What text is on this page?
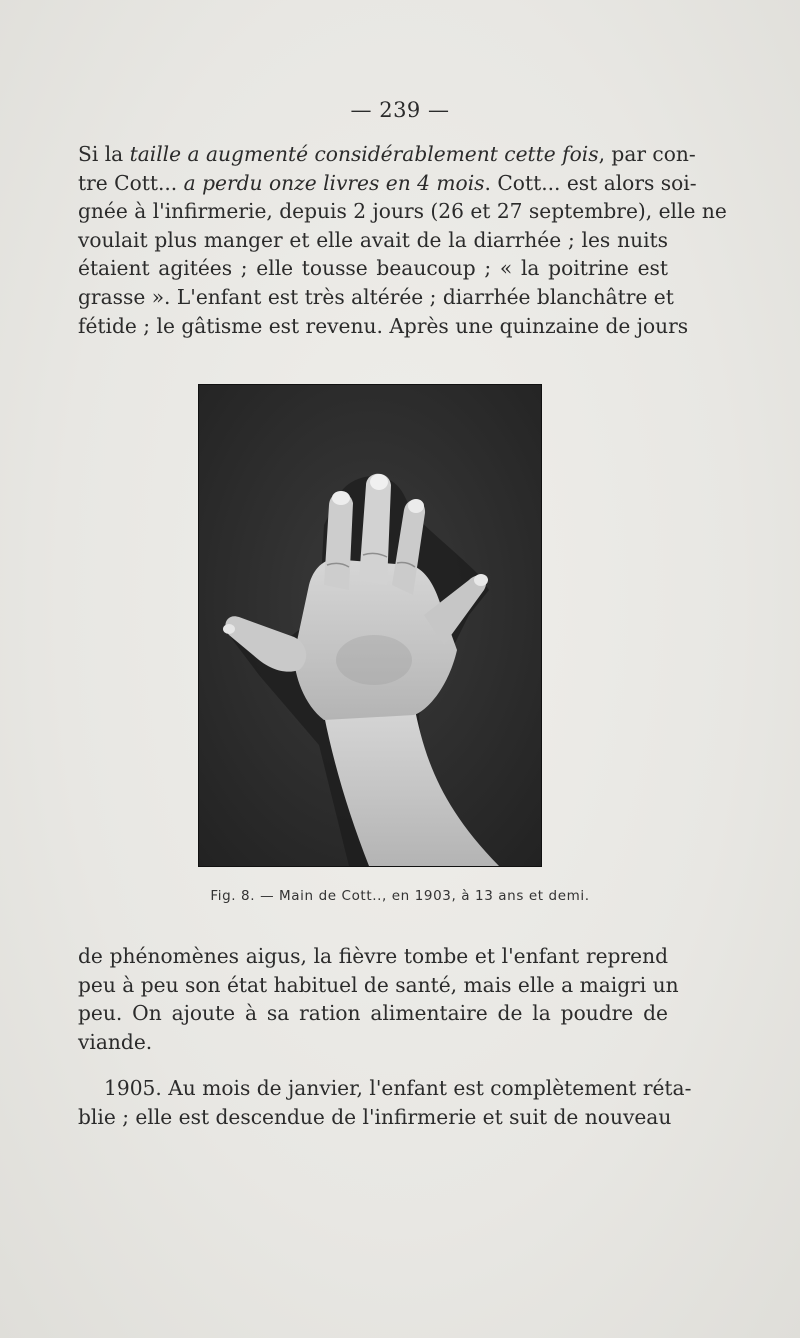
— 239 —
Si la taille a augmenté considérablement cette fois, par con-
tre Cott... a perdu onze livres en 4 mois. Cott... est alors soi-
gnée à l'infirmerie, depuis 2 jours (26 et 27 septembre), elle ne
voulait plus manger et elle avait de la diarrhée ; les nuits
étaient agitées ; elle tousse beaucoup ; « la poitrine est
grasse ». L'enfant est très altérée ; diarrhée blanchâtre et
fétide ; le gâtisme est revenu. Après une quinzaine de jours
Fig. 8. — Main de Cott.., en 1903, à 13 ans et demi.
de phénomènes aigus, la fièvre tombe et l'enfant reprend
peu à peu son état habituel de santé, mais elle a maigri un
peu. On ajoute à sa ration alimentaire de la poudre de
viande.
1905. Au mois de janvier, l'enfant est complètement réta-
blie ; elle est descendue de l'infirmerie et suit de nouveau
